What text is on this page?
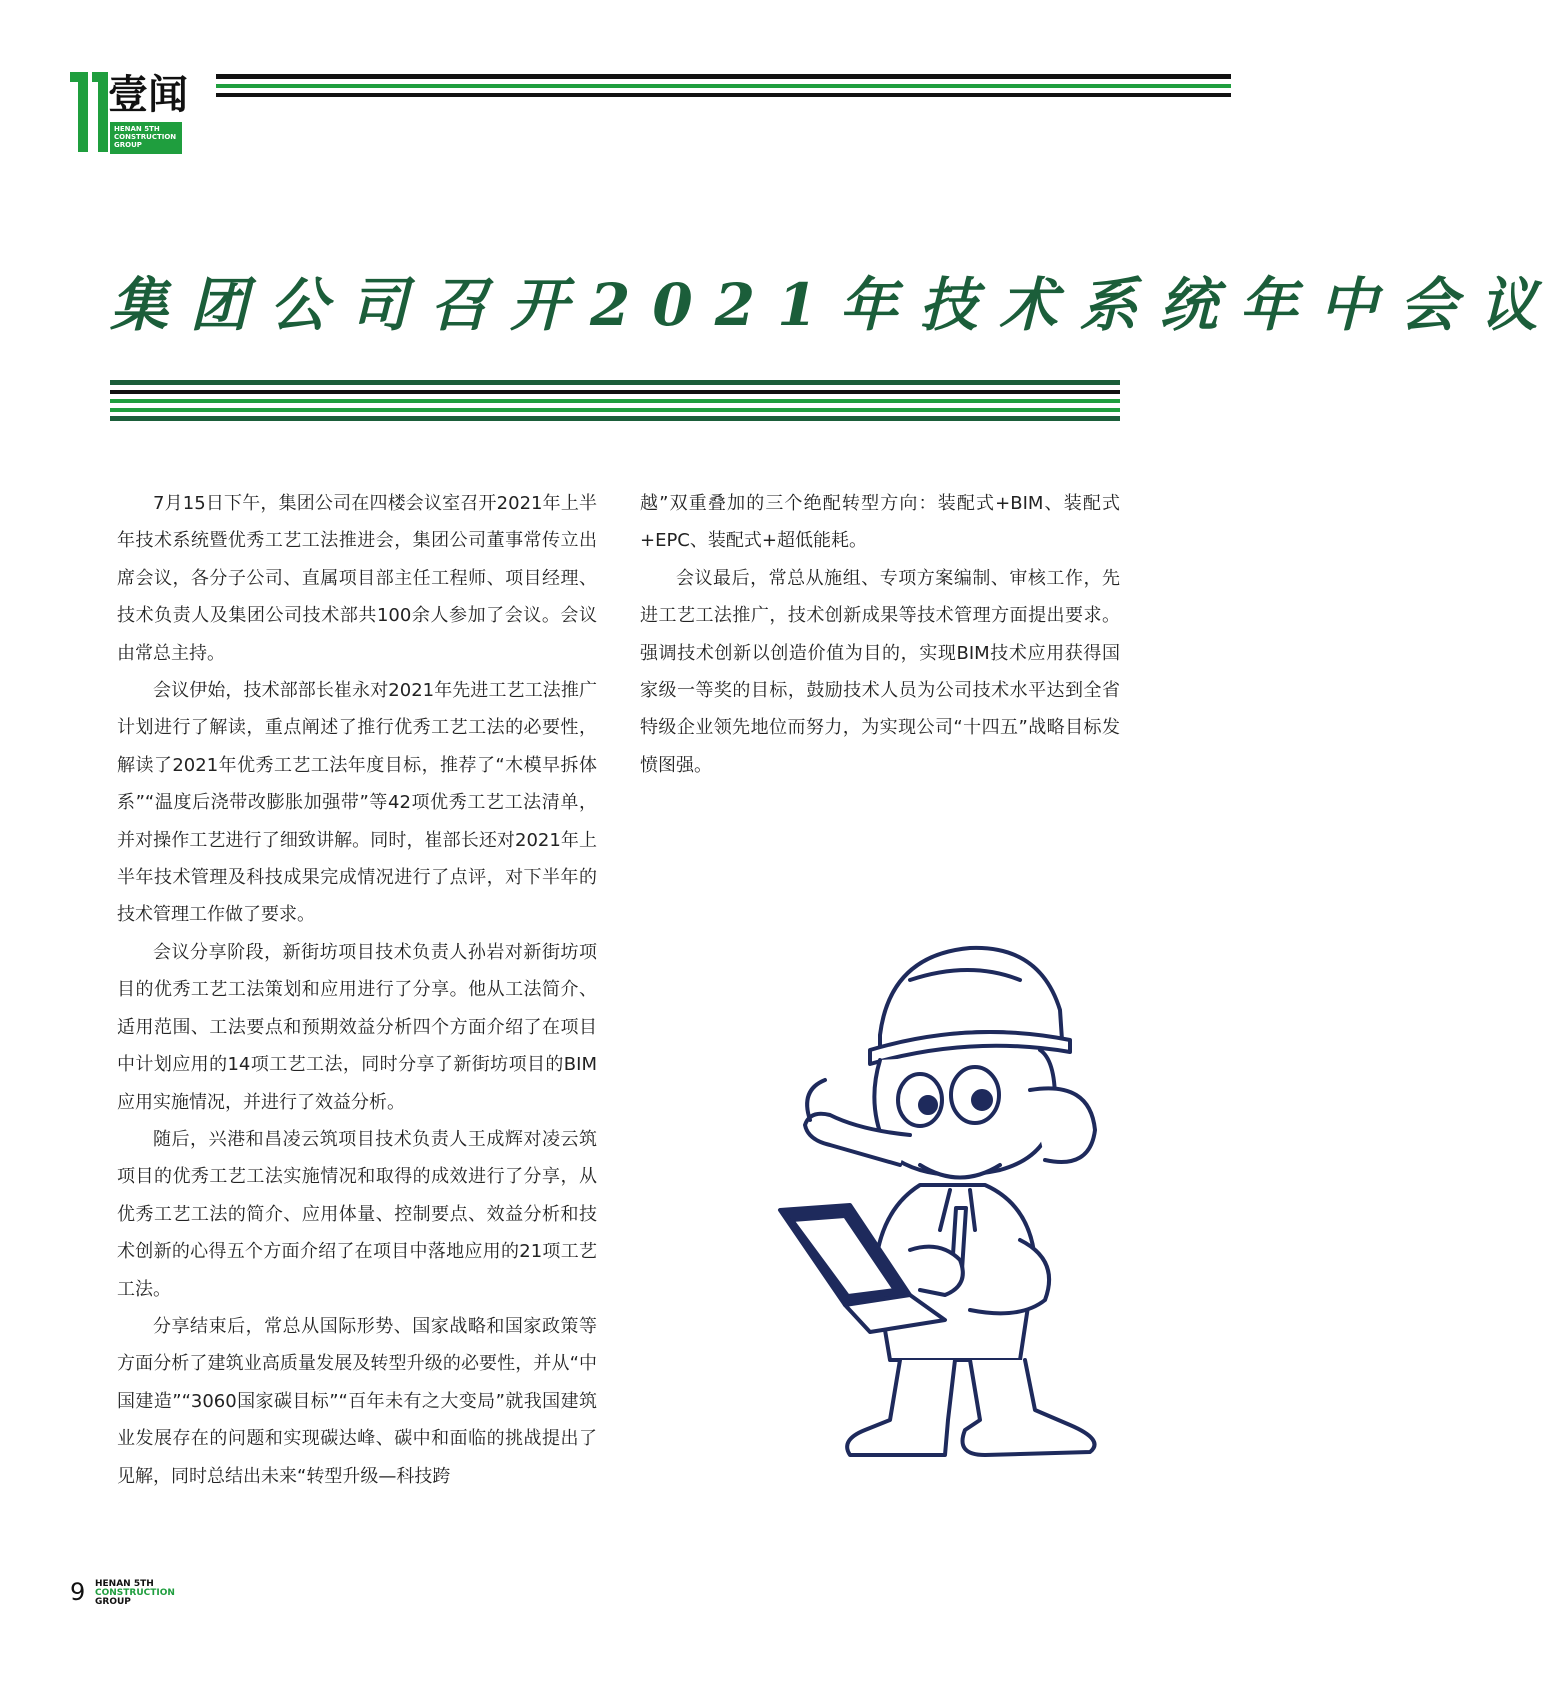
壹闻
HENAN 5TH CONSTRUCTION GROUP
集团公司召开2021年技术系统年中会议

7月15日下午，集团公司在四楼会议室召开2021年上半年技术系统暨优秀工艺工法推进会，集团公司董事常传立出席会议，各分子公司、直属项目部主任工程师、项目经理、技术负责人及集团公司技术部共100余人参加了会议。会议由常总主持。

会议伊始，技术部部长崔永对2021年先进工艺工法推广计划进行了解读，重点阐述了推行优秀工艺工法的必要性，解读了2021年优秀工艺工法年度目标，推荐了“木模早拆体系”“温度后浇带改膨胀加强带”等42项优秀工艺工法清单，并对操作工艺进行了细致讲解。同时，崔部长还对2021年上半年技术管理及科技成果完成情况进行了点评，对下半年的技术管理工作做了要求。

会议分享阶段，新街坊项目技术负责人孙岩对新街坊项目的优秀工艺工法策划和应用进行了分享。他从工法简介、适用范围、工法要点和预期效益分析四个方面介绍了在项目中计划应用的14项工艺工法，同时分享了新街坊项目的BIM应用实施情况，并进行了效益分析。

随后，兴港和昌凌云筑项目技术负责人王成辉对凌云筑项目的优秀工艺工法实施情况和取得的成效进行了分享，从优秀工艺工法的简介、应用体量、控制要点、效益分析和技术创新的心得五个方面介绍了在项目中落地应用的21项工艺工法。

分享结束后，常总从国际形势、国家战略和国家政策等方面分析了建筑业高质量发展及转型升级的必要性，并从“中国建造”“3060国家碳目标”“百年未有之大变局”就我国建筑业发展存在的问题和实现碳达峰、碳中和面临的挑战提出了见解，同时总结出未来“转型升级—科技跨

越”双重叠加的三个绝配转型方向：装配式+BIM、装配式+EPC、装配式+超低能耗。

会议最后，常总从施组、专项方案编制、审核工作，先进工艺工法推广，技术创新成果等技术管理方面提出要求。强调技术创新以创造价值为目的，实现BIM技术应用获得国家级一等奖的目标，鼓励技术人员为公司技术水平达到全省特级企业领先地位而努力，为实现公司“十四五”战略目标发愤图强。

9 HENAN 5TH
CONSTRUCTION
GROUP
